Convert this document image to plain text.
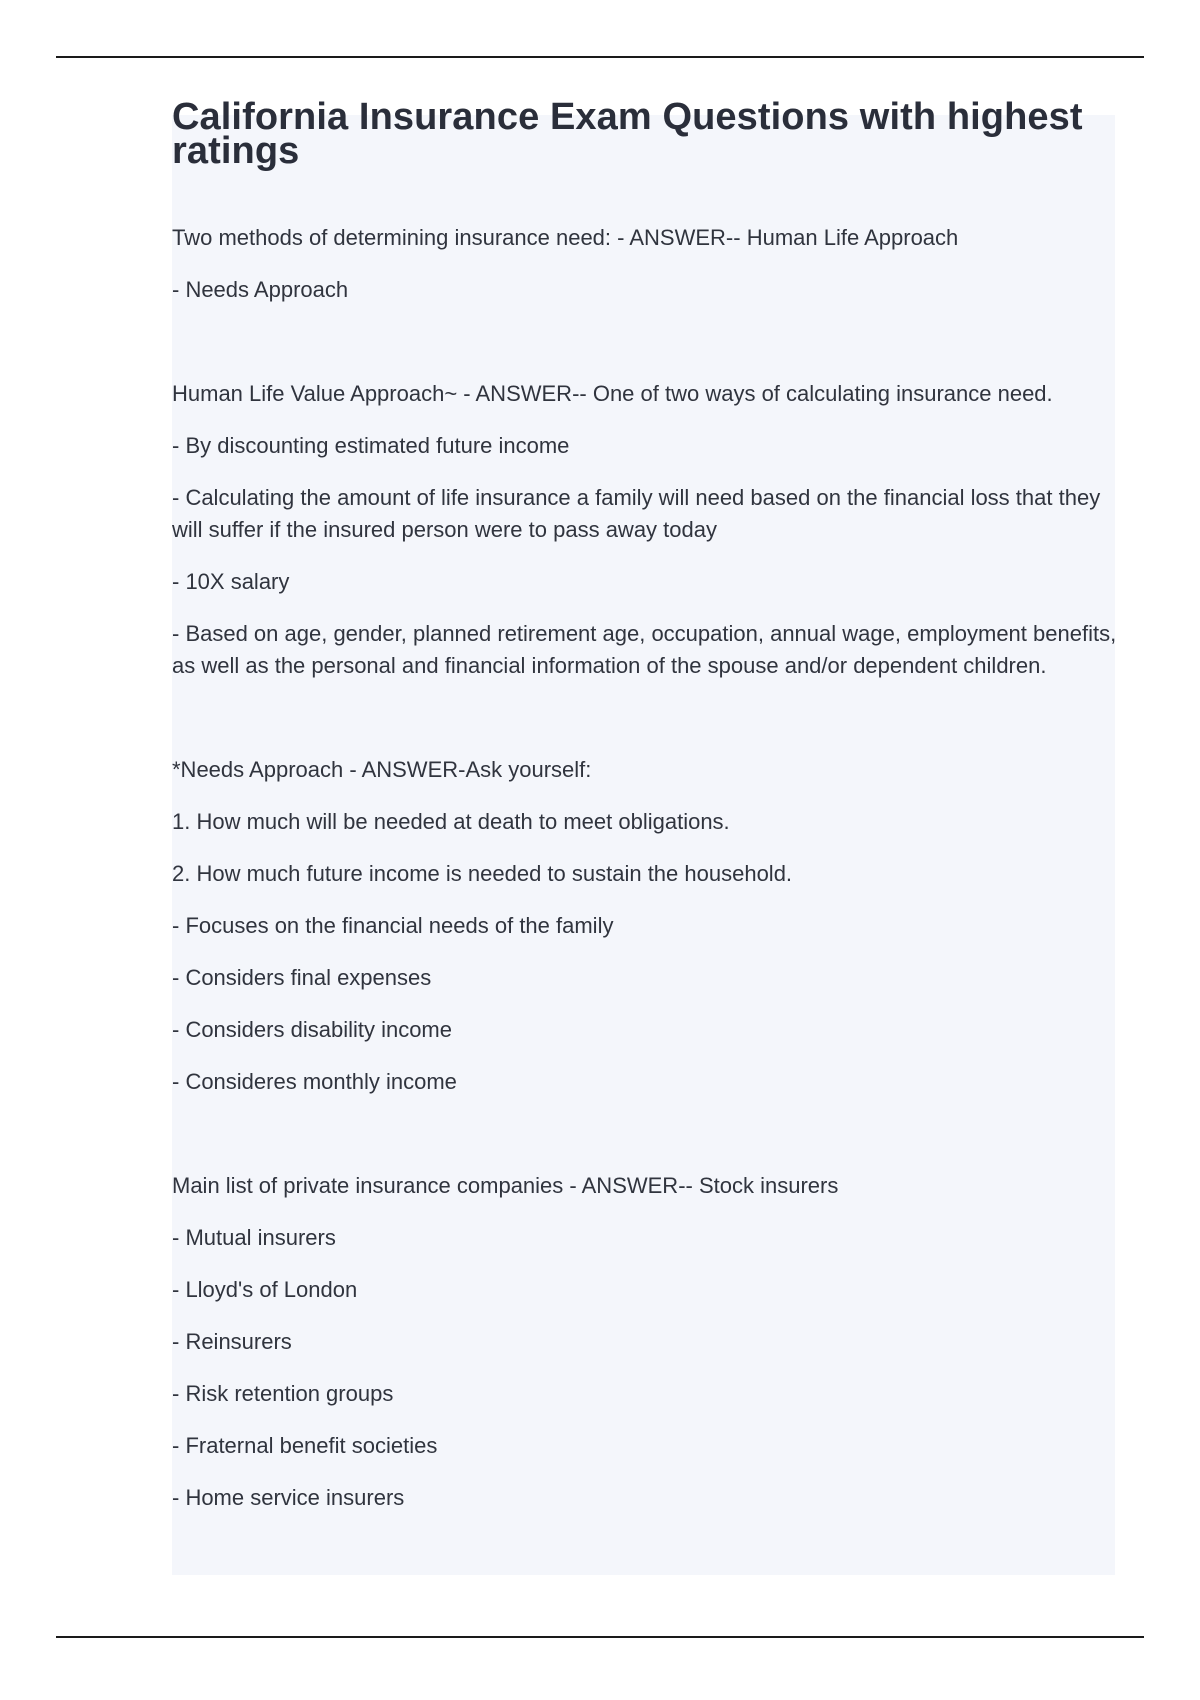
California Insurance Exam Questions with highest ratings

Two methods of determining insurance need: - ANSWER-- Human Life Approach

- Needs Approach

Human Life Value Approach~ - ANSWER-- One of two ways of calculating insurance need.

- By discounting estimated future income

- Calculating the amount of life insurance a family will need based on the financial loss that they will suffer if the insured person were to pass away today

- 10X salary

- Based on age, gender, planned retirement age, occupation, annual wage, employment benefits, as well as the personal and financial information of the spouse and/or dependent children.

*Needs Approach - ANSWER-Ask yourself:

1. How much will be needed at death to meet obligations.

2. How much future income is needed to sustain the household.

- Focuses on the financial needs of the family

- Considers final expenses

- Considers disability income

- Consideres monthly income

Main list of private insurance companies - ANSWER-- Stock insurers

- Mutual insurers

- Lloyd's of London

- Reinsurers

- Risk retention groups

- Fraternal benefit societies

- Home service insurers
